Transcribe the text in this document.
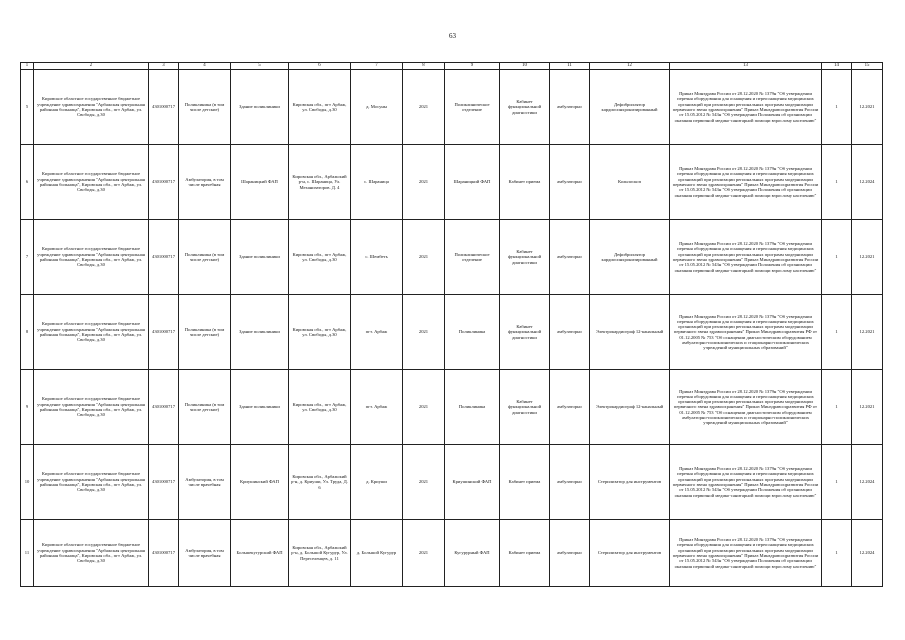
63
1	2	3	4	5	6	7	8	9	10	11	12	13	14	15
5	Кировское областное государственное бюджетное учреждение здравоохранения "Арбажская центральная районная больница", Кировская обл., пгт Арбаж, ул. Свободы, д.30	4301000717	Поликлиника (в том числе детские)	Здание поликлиники	Кировская обл., пгт Арбаж, ул. Свободы, д.30	д. Мосуны	2021	Поликлиническое отделение	Кабинет функциональной диагностики	амбулаторно	Дефибриллятор кардиосинхронизированный	Приказ Минздрава России от 28.12.2020 № 1379н "Об утверждении перечня оборудования для оснащения и переоснащения медицинских организаций при реализации региональных программ модернизации первичного звена здравоохранения" Приказ Минздравсоцразвития России от 15.05.2012 № 543н "Об утверждении Положения об организации оказания первичной медико-санитарной помощи взрослому населению"	1	12.2021
6	Кировское областное государственное бюджетное учреждение здравоохранения "Арбажская центральная районная больница", Кировская обл., пгт Арбаж, ул. Свободы, д.30	4301000717	Амбулатория, в том числе врачебная	Шараницкий ФАП	Кировская обл., Арбажский р-н, с. Шараница, Ул. Механизаторов. Д. 4	с. Шараница	2021	Шараницкий ФАП	Кабинет приема	амбулаторно	Кольпоскоп	Приказ Минздрава России от 28.12.2020 № 1379н "Об утверждении перечня оборудования для оснащения и переоснащения медицинских организаций при реализации региональных программ модернизации первичного звена здравоохранения" Приказ Минздравсоцразвития России от 15.05.2012 № 543н "Об утверждении Положения об организации оказания первичной медико-санитарной помощи взрослому населению"	1	12.2024
7	Кировское областное государственное бюджетное учреждение здравоохранения "Арбажская центральная районная больница", Кировская обл., пгт Арбаж, ул. Свободы, д.30	4301000717	Поликлиника (в том числе детские)	Здание поликлиники	Кировская обл., пгт Арбаж, ул. Свободы, д.30	с. Шембеть	2021	Поликлиническое отделение	Кабинет функциональной диагностики	амбулаторно	Дефибриллятор кардиосинхронизированный	Приказ Минздрава России от 28.12.2020 № 1379н "Об утверждении перечня оборудования для оснащения и переоснащения медицинских организаций при реализации региональных программ модернизации первичного звена здравоохранения" Приказ Минздравсоцразвития России от 15.05.2012 № 543н "Об утверждении Положения об организации оказания первичной медико-санитарной помощи взрослому населению"	1	12.2021
8	Кировское областное государственное бюджетное учреждение здравоохранения "Арбажская центральная районная больница", Кировская обл., пгт Арбаж, ул. Свободы, д.30	4301000717	Поликлиника (в том числе детские)	Здание поликлиники	Кировская обл., пгт Арбаж, ул. Свободы, д.30	пгт. Арбаж	2021	Поликлиника	Кабинет функциональной диагностики	амбулаторно	Электрокардиограф 12-канальный	Приказ Минздрава России от 28.12.2020 № 1379н "Об утверждении перечня оборудования для оснащения и переоснащения медицинских организаций при реализации региональных программ модернизации первичного звена здравоохранения" Приказ Минздравсоцразвития РФ от 01.12.2005 № 753 "Об оснащении диагностическим оборудованием амбулаторно-поликлинических и стационарно-поликлинических учреждений муниципальных образований"	1	12.2021
9	Кировское областное государственное бюджетное учреждение здравоохранения "Арбажская центральная районная больница", Кировская обл., пгт Арбаж, ул. Свободы, д.30	4301000717	Поликлиника (в том числе детские)	Здание поликлиники	Кировская обл., пгт Арбаж, ул. Свободы, д.30	пгт. Арбаж	2021	Поликлиника	Кабинет функциональной диагностики	амбулаторно	Электрокардиограф 12-канальный	Приказ Минздрава России от 28.12.2020 № 1379н "Об утверждении перечня оборудования для оснащения и переоснащения медицинских организаций при реализации региональных программ модернизации первичного звена здравоохранения" Приказ Минздравсоцразвития РФ от 01.12.2005 № 753 "Об оснащении диагностическим оборудованием амбулаторно-поликлинических и стационарно-поликлинических учреждений муниципальных образований"	1	12.2021
10	Кировское областное государственное бюджетное учреждение здравоохранения "Арбажская центральная районная больница", Кировская обл., пгт Арбаж, ул. Свободы, д.30	4301000717	Амбулатория, в том числе врачебная	Криушинский ФАП	Кировская обл., Арбажский р-н, д. Криуши, Ул. Труда, Д. 6	д. Криуши	2021	Криушинский ФАП	Кабинет приема	амбулаторно	Стерилизатор для инструментов	Приказ Минздрава России от 28.12.2020 № 1379н "Об утверждении перечня оборудования для оснащения и переоснащения медицинских организаций при реализации региональных программ модернизации первичного звена здравоохранения" Приказ Минздравсоцразвития России от 15.05.2012 № 543н "Об утверждении Положения об организации оказания первичной медико-санитарной помощи взрослому населению"	1	12.2024
11	Кировское областное государственное бюджетное учреждение здравоохранения "Арбажская центральная районная больница", Кировская обл., пгт Арбаж, ул. Свободы, д.30	4301000717	Амбулатория, в том числе врачебная	Большекугурский ФАП	Кировская обл., Арбажский р-н, д. Большой Кугурур, Ул. Переселенцев, д. 11	д. Большой Кугурур	2021	Кугурурный ФАП	Кабинет приема	амбулаторно	Стерилизатор для инструментов	Приказ Минздрава России от 28.12.2020 № 1379н "Об утверждении перечня оборудования для оснащения и переоснащения медицинских организаций при реализации региональных программ модернизации первичного звена здравоохранения" Приказ Минздравсоцразвития России от 15.05.2012 № 543н "Об утверждении Положения об организации оказания первичной медико-санитарной помощи взрослому населению"	1	12.2024
